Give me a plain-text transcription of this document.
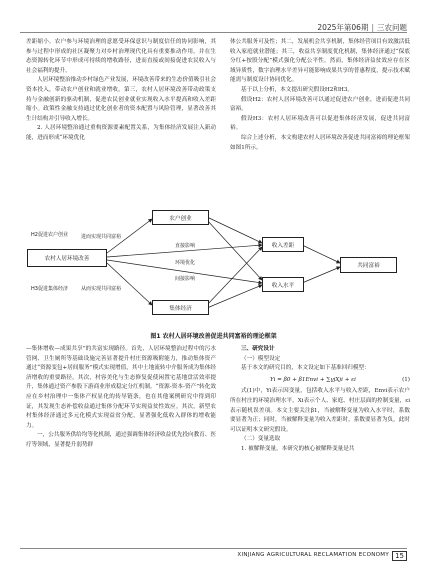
2025年第06期 | 三农问题

差距缩小。农户参与环境治理的意愿受环保意识与制度信任的协同影响，其参与过程中形成的社区凝聚力对乡村治理现代化具有重要推动作用，并在生态资源转化环节中形成可持续的增收路径，进而直接或间接促进农民收入与社会福利的提升。

人居环境整治推动乡村绿色产业发展，环境改善带来的生态价值吸引社会资本投入，带动农户创业和就业增收。第三，农村人居环境改善带动政策支持与金融创新的驱动机制，促进农民创业就业实现收入水平提高和收入差距缩小。政策性金融支持通过优化创业者的资本配置与风险管理，显著改善其生计结构并引导收入增长。

2. 人居环境整治通过重构资源要素配置关系，为集体经济发展注入新动能，进而形成“环境优化

体公共服务可及性；其二，发展机会共享机制，集体经营项目有效激活低收入家庭就业潜能；其三，收益共享制度优化机制，集体经济通过“保底分红+按股分配”模式强化分配公平性。然而，集体经济益贫效应存在区域异质性，数字治理水平差异可能影响成果共享的普惠程度，提示技术赋能需与制度设计协同优化。

基于以上分析，本文提出研究假设H2和H3。

假设H2：农村人居环境改善可以通过促进农户创业，进而促进共同富裕。

假设H3：农村人居环境改善可以促进集体经济发展，促进共同富裕。

综合上述分析，本文构建农村人居环境改善促进共同富裕的理论框架如图1所示。

农村人居环境改善
农户创业
集体经济
收入差距
收入水平
共同富裕
H2促进农户创业	进而实现共同富裕
H3促进集体经济	从而实现共同富裕
直接影响
环境优化
间接影响
图1 农村人居环境改善促进共同富裕的理论框架

—集体增收—成果共享”的共富实现路径。首先，人居环境整治过程中的污水管网、卫生厕所等基础设施完善显著提升村庄资源吸附能力，推动集体资产通过“资源变包+居间服务”模式实现增值，其中土地流转中介服务成为集体经济增收的重要路径。其次，村容美化与生态修复促使闲置宅基地盘活效率提升，集体通过资产参股下游商业形成稳定分红机制。“资源-资本-资产”转化效应在乡村治理中一集体产权显化的传导链条，也在其他案例研究中得到印证，其发现生态补偿收益通过集体分配环节实现益贫性效应。其次，新型农村集体经济通过多元化模式实现益贫分配，显著强化低收入群体的增收能力。

一，公共服务供给均等化机制，通过强调集体经济收益优先投向教育、医疗等领域，显著提升弱势群

三、研究设计

（一）模型设定

基于本文的研究目的，本文设定如下基准回归模型：

Yi = β0 + β1Envi + ∑γjXji + εi	(1)

式(1)中，Yi表示因变量，包括收入水平与收入差距，Envi表示农户所在村庄的环境治理水平，Xi表示个人、家庭、村庄层面的控制变量，εi表示随机误差项。本文主要关注β1，当被解释变量为收入水平时，系数要显著为正；同时，当被解释变量为收入差距时，系数要显著为负，此时可以证明本文研究假设。

（二）变量选取

1. 被解释变量。本研究的核心被解释变量是共

XINJIANG AGRICULTURAL RECLAMATION ECONOMY 15
